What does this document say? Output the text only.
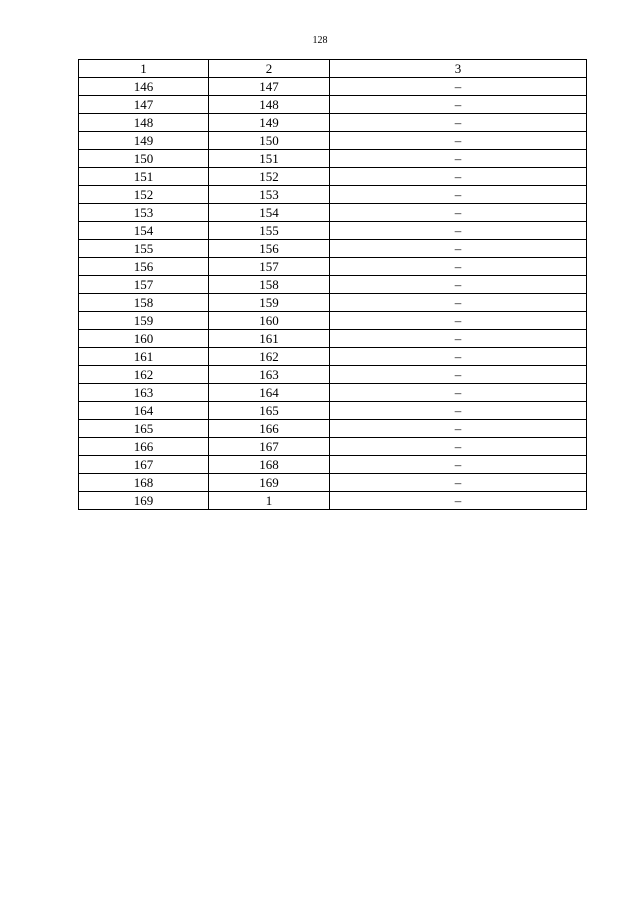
128
1	2	3
146	147	–
147	148	–
148	149	–
149	150	–
150	151	–
151	152	–
152	153	–
153	154	–
154	155	–
155	156	–
156	157	–
157	158	–
158	159	–
159	160	–
160	161	–
161	162	–
162	163	–
163	164	–
164	165	–
165	166	–
166	167	–
167	168	–
168	169	–
169	1	–
